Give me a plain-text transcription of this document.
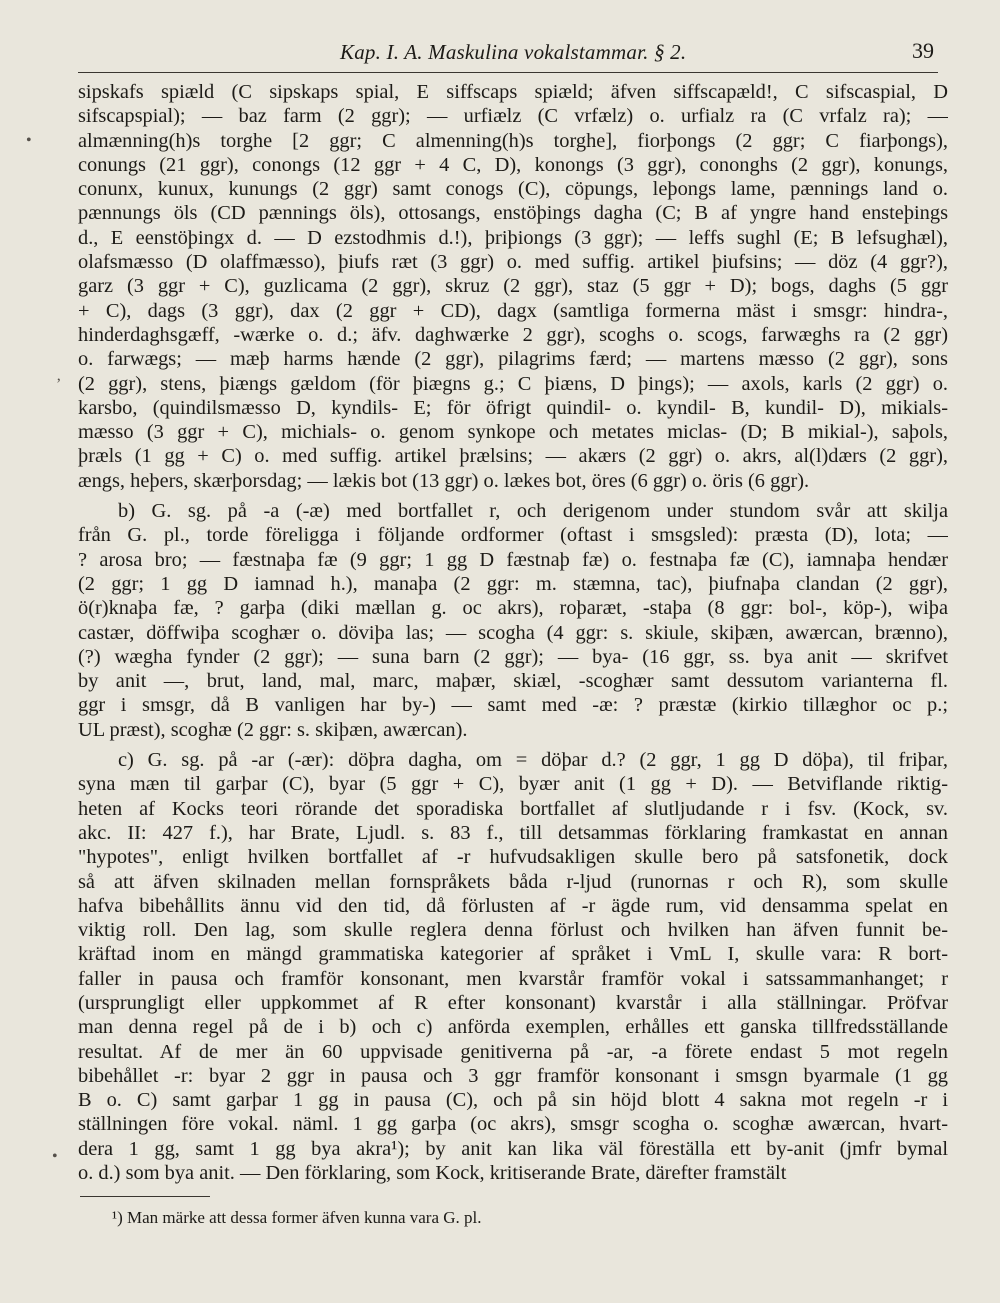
Kap. I. A. Maskulina vokalstammar. § 2.	39
•
ʼ
•
sipskafs spiæld (C sipskaps spial, E siffscaps spiæld; äfven siffscapæld!, C sifscaspial, D
sifscapspial); — baz farm (2 ggr); — urfiælz (C vrfælz) o. urfialz ra (C vrfalz ra); —
almænning(h)s torghe [2 ggr; C almenning(h)s torghe], fiorþongs (2 ggr; C fiarþongs),
conungs (21 ggr), conongs (12 ggr + 4 C, D), konongs (3 ggr), cononghs (2 ggr), konungs,
conunx, kunux, kunungs (2 ggr) samt conogs (C), cöpungs, leþongs lame, pænnings land o.
pænnungs öls (CD pænnings öls), ottosangs, enstöþings dagha (C; B af yngre hand ensteþings
d., E eenstöþingx d. — D ezstodhmis d.!), þriþiongs (3 ggr); — leffs sughl (E; B lefsughæl),
olafsmæsso (D olaffmæsso), þiufs ræt (3 ggr) o. med suffig. artikel þiufsins; — döz (4 ggr?),
garz (3 ggr + C), guzlicama (2 ggr), skruz (2 ggr), staz (5 ggr + D); bogs, daghs (5 ggr
+ C), dags (3 ggr), dax (2 ggr + CD), dagx (samtliga formerna mäst i smsgr: hindra-,
hinderdaghsgæff, -wærke o. d.; äfv. daghwærke 2 ggr), scoghs o. scogs, farwæghs ra (2 ggr)
o. farwægs; — mæþ harms hænde (2 ggr), pilagrims færd; — martens mæsso (2 ggr), sons
(2 ggr), stens, þiængs gældom (för þiægns g.; C þiæns, D þings); — axols, karls (2 ggr) o.
karsbo, (quindilsmæsso D, kyndils- E; för öfrigt quindil- o. kyndil- B, kundil- D), mikials-
mæsso (3 ggr + C), michials- o. genom synkope och metates miclas- (D; B mikial-), saþols,
þræls (1 gg + C) o. med suffig. artikel þrælsins; — akærs (2 ggr) o. akrs, al(l)dærs (2 ggr),
ængs, heþers, skærþorsdag; — lækis bot (13 ggr) o. lækes bot, öres (6 ggr) o. öris (6 ggr).
b) G. sg. på -a (-æ) med bortfallet r, och derigenom under stundom svår att skilja
från G. pl., torde föreligga i följande ordformer (oftast i smsgsled): præsta (D), lota; —
? arosa bro; — fæstnaþa fæ (9 ggr; 1 gg D fæstnaþ fæ) o. festnaþa fæ (C), iamnaþa hendær
(2 ggr; 1 gg D iamnad h.), manaþa (2 ggr: m. stæmna, tac), þiufnaþa clandan (2 ggr),
ö(r)knaþa fæ, ? garþa (diki mællan g. oc akrs), roþaræt, -staþa (8 ggr: bol-, köp-), wiþa
castær, döffwiþa scoghær o. döviþa las; — scogha (4 ggr: s. skiule, skiþæn, awærcan, brænno),
(?) wægha fynder (2 ggr); — suna barn (2 ggr); — bya- (16 ggr, ss. bya anit — skrifvet
by anit —, brut, land, mal, marc, maþær, skiæl, -scoghær samt dessutom varianterna fl.
ggr i smsgr, då B vanligen har by-) — samt med -æ: ? præstæ (kirkio tillæghor oc p.;
UL præst), scoghæ (2 ggr: s. skiþæn, awærcan).
c) G. sg. på -ar (-ær): döþra dagha, om = döþar d.? (2 ggr, 1 gg D döþa), til friþar,
syna mæn til garþar (C), byar (5 ggr + C), byær anit (1 gg + D). — Betviflande riktig-
heten af Kocks teori rörande det sporadiska bortfallet af slutljudande r i fsv. (Kock, sv.
akc. II: 427 f.), har Brate, Ljudl. s. 83 f., till detsammas förklaring framkastat en annan
"hypotes", enligt hvilken bortfallet af -r hufvudsakligen skulle bero på satsfonetik, dock
så att äfven skilnaden mellan fornspråkets båda r-ljud (runornas r och R), som skulle
hafva bibehållits ännu vid den tid, då förlusten af -r ägde rum, vid densamma spelat en
viktig roll. Den lag, som skulle reglera denna förlust och hvilken han äfven funnit be-
kräftad inom en mängd grammatiska kategorier af språket i VmL I, skulle vara: R bort-
faller in pausa och framför konsonant, men kvarstår framför vokal i satssammanhanget; r
(ursprungligt eller uppkommet af R efter konsonant) kvarstår i alla ställningar. Pröfvar
man denna regel på de i b) och c) anförda exemplen, erhålles ett ganska tillfredsställande
resultat. Af de mer än 60 uppvisade genitiverna på -ar, -a förete endast 5 mot regeln
bibehållet -r: byar 2 ggr in pausa och 3 ggr framför konsonant i smsgn byarmale (1 gg
B o. C) samt garþar 1 gg in pausa (C), och på sin höjd blott 4 sakna mot regeln -r i
ställningen före vokal. näml. 1 gg garþa (oc akrs), smsgr scogha o. scoghæ awærcan, hvart-
dera 1 gg, samt 1 gg bya akra¹); by anit kan lika väl föreställa ett by-anit (jmfr bymal
o. d.) som bya anit. — Den förklaring, som Kock, kritiserande Brate, därefter framstält
¹) Man märke att dessa former äfven kunna vara G. pl.
